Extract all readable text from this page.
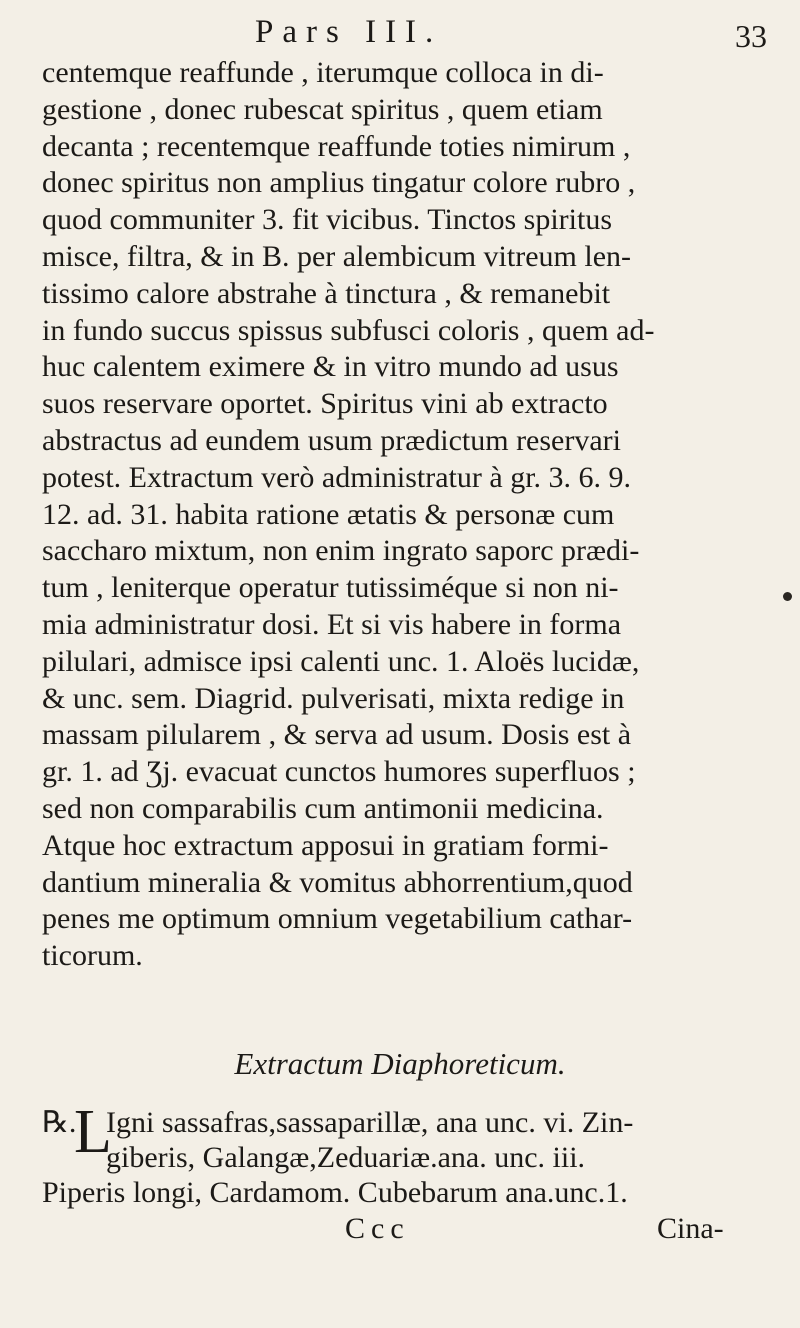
Pars III.	33
centemque reaffunde , iterumque colloca in di-
gestione , donec rubescat spiritus , quem etiam
decanta ; recentemque reaffunde toties nimirum ,
donec spiritus non amplius tingatur colore rubro ,
quod communiter 3. fit vicibus. Tinctos spiritus
misce, filtra, & in B. per alembicum vitreum len-
tissimo calore abstrahe à tinctura , & remanebit
in fundo succus spissus subfusci coloris , quem ad-
huc calentem eximere & in vitro mundo ad usus
suos reservare oportet. Spiritus vini ab extracto
abstractus ad eundem usum prædictum reservari
potest. Extractum verò administratur à gr. 3. 6. 9.
12. ad. 31. habita ratione ætatis & personæ cum
saccharo mixtum, non enim ingrato saporc prædi-
tum , leniterque operatur tutissiméque si non ni-
mia administratur dosi. Et si vis habere in forma
pilulari, admisce ipsi calenti unc. 1. Aloës lucidæ,
& unc. sem. Diagrid. pulverisati, mixta redige in
massam pilularem , & serva ad usum. Dosis est à
gr. 1. ad Ʒj. evacuat cunctos humores superfluos ;
sed non comparabilis cum antimonii medicina.
Atque hoc extractum apposui in gratiam formi-
dantium mineralia & vomitus abhorrentium,quod
penes me optimum omnium vegetabilium cathar-
ticorum.
Extractum Diaphoreticum.
℞.
L
Igni sassafras,sassaparillæ, ana unc. vi. Zin-
giberis, Galangæ,Zeduariæ.ana. unc. iii.
Piperis longi, Cardamom. Cubebarum ana.unc.1.
Ccc	Cina-
